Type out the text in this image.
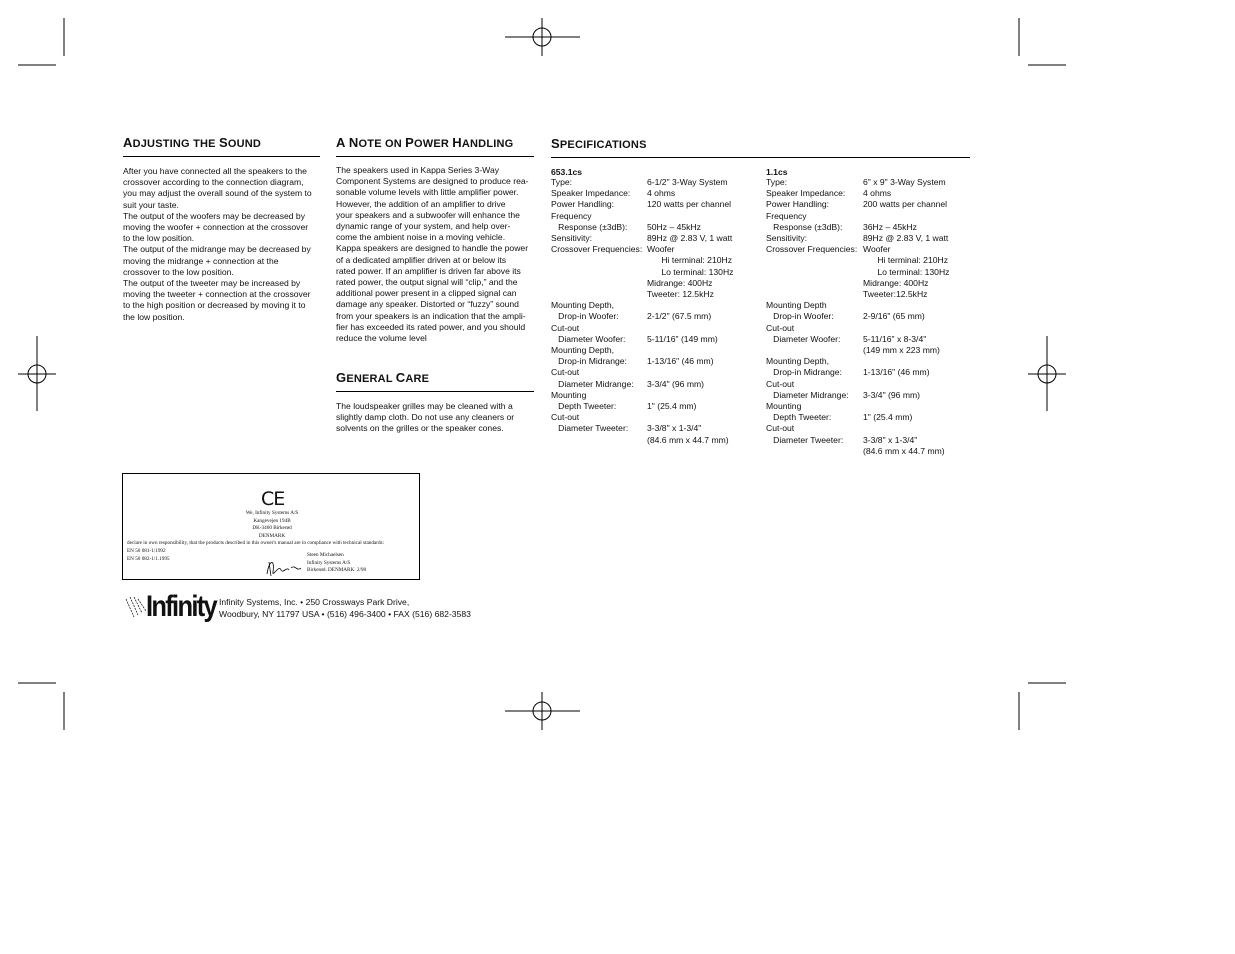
ADJUSTING THE SOUND
After you have connected all the speakers to the
crossover according to the connection diagram,
you may adjust the overall sound of the system to
suit your taste.
The output of the woofers may be decreased by
moving the woofer + connection at the crossover
to the low position.
The output of the midrange may be decreased by
moving the midrange + connection at the
crossover to the low position.
The output of the tweeter may be increased by
moving the tweeter + connection at the crossover
to the high position or decreased by moving it to
the low position.
A NOTE ON POWER HANDLING
The speakers used in Kappa Series 3-Way
Component Systems are designed to produce rea-
sonable volume levels with little amplifier power.
However, the addition of an amplifier to drive
your speakers and a subwoofer will enhance the
dynamic range of your system, and help over-
come the ambient noise in a moving vehicle.
Kappa speakers are designed to handle the power
of a dedicated amplifier driven at or below its
rated power. If an amplifier is driven far above its
rated power, the output signal will “clip,” and the
additional power present in a clipped signal can
damage any speaker. Distorted or “fuzzy” sound
from your speakers is an indication that the ampli-
fier has exceeded its rated power, and you should
reduce the volume level
GENERAL CARE
The loudspeaker grilles may be cleaned with a
slightly damp cloth. Do not use any cleaners or
solvents on the grilles or the speaker cones.
SPECIFICATIONS
653.1cs
Type:
Speaker Impedance:
Power Handling:
Frequency
Response (±3dB):
Sensitivity:
Crossover Frequencies:

Mounting Depth,
Drop-in Woofer:
Cut-out
Diameter Woofer:
Mounting Depth,
Drop-in Midrange:
Cut-out
Diameter Midrange:
Mounting
Depth Tweeter:
Cut-out
Diameter Tweeter:
6-1/2" 3-Way System
4 ohms
120 watts per channel

50Hz – 45kHz
89Hz @ 2.83 V, 1 watt
Woofer
Hi terminal: 210Hz
Lo terminal: 130Hz
Midrange: 400Hz
Tweeter: 12.5kHz

2-1/2" (67.5 mm)

5-11/16" (149 mm)

1-13/16" (46 mm)

3-3/4" (96 mm)

1" (25.4 mm)

3-3/8" x 1-3/4"
(84.6 mm x 44.7 mm)
1.1cs
Type:
Speaker Impedance:
Power Handling:
Frequency
Response (±3dB):
Sensitivity:
Crossover Frequencies:

Mounting Depth
Drop-in Woofer:
Cut-out
Diameter Woofer:

Mounting Depth,
Drop-in Midrange:
Cut-out
Diameter Midrange:
Mounting
Depth Tweeter:
Cut-out
Diameter Tweeter:
6" x 9" 3-Way System
4 ohms
200 watts per channel

36Hz – 45kHz
89Hz @ 2.83 V, 1 watt
Woofer
Hi terminal: 210Hz
Lo terminal: 130Hz
Midrange: 400Hz
Tweeter:12.5kHz

2-9/16" (65 mm)

5-11/16" x 8-3/4"
(149 mm x 223 mm)

1-13/16" (46 mm)

3-3/4" (96 mm)

1" (25.4 mm)

3-3/8" x 1-3/4"
(84.6 mm x 44.7 mm)
CE
We, Infinity Systems A/S
Kangevejen 194B
DK-3460 Birkerød
DENMARK
declare in own responsibility, that the products described in this owner's manual are in compliance with technical standards:
EN 50 081-1/1992
EN 50 082-1/1.1995
Steen Michaelsen
Infinity Systems A/S
Birkerød. DENMARK. 2/98
Infinity Infinity Systems, Inc. • 250 Crossways Park Drive,
Woodbury, NY 11797 USA • (516) 496-3400 • FAX (516) 682-3583
